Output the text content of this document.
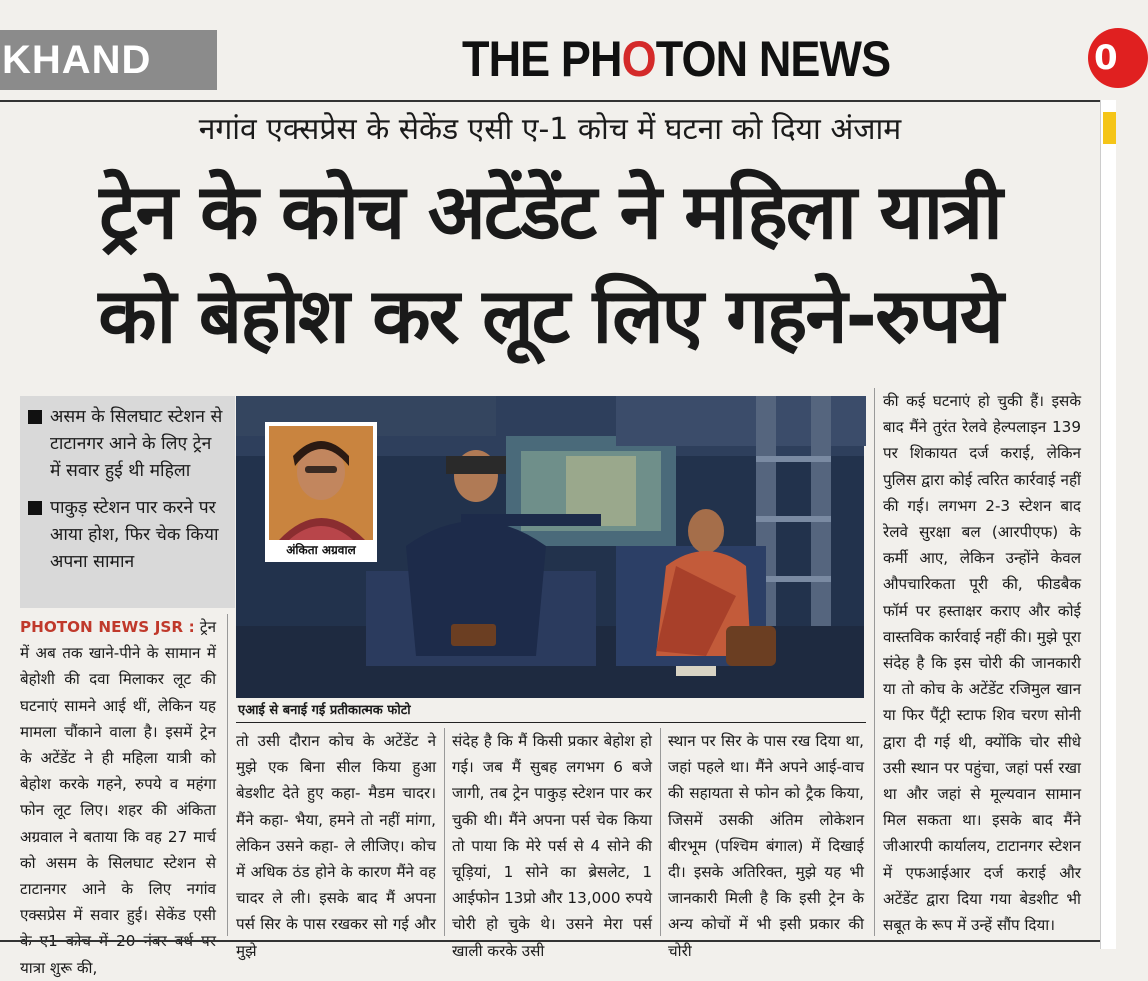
KHAND	THE PHOTON NEWS	0
नगांव एक्सप्रेस के सेकेंड एसी ए-1 कोच में घटना को दिया अंजाम
ट्रेन के कोच अटेंडेंट ने महिला यात्री
को बेहोश कर लूट लिए गहने-रुपये
असम के सिलघाट स्टेशन से टाटानगर आने के लिए ट्रेन में सवार हुई थी महिला
पाकुड़ स्टेशन पार करने पर आया होश, फिर चेक किया अपना सामान
अंकिता अग्रवाल
एआई से बनाई गई प्रतीकात्मक फोटो

PHOTON NEWS JSR : ट्रेन में अब तक खाने-पीने के सामान में बेहोशी की दवा मिलाकर लूट की घटनाएं सामने आई थीं, लेकिन यह मामला चौंकाने वाला है। इसमें ट्रेन के अटेंडेंट ने ही महिला यात्री को बेहोश करके गहने, रुपये व महंगा फोन लूट लिए। शहर की अंकिता अग्रवाल ने बताया कि वह 27 मार्च को असम के सिलघाट स्टेशन से टाटानगर आने के लिए नगांव एक्सप्रेस में सवार हुई। सेकेंड एसी यात्रा शुरू की,

तो उसी दौरान कोच के अटेंडेंट ने मुझे एक बिना सील किया हुआ बेडशीट देते हुए कहा- मैडम चादर। मैंने कहा- भैया, हमने तो नहीं मांगा, लेकिन उसने कहा- ले लीजिए। कोच में अधिक ठंड होने के कारण मैंने वह चादर ले ली। इसके बाद मैं अपना पर्स सिर के पास रखकर सो गई और मुझे

संदेह है कि मैं किसी प्रकार बेहोश हो गई। जब मैं सुबह लगभग 6 बजे जागी, तब ट्रेन पाकुड़ स्टेशन पार कर चुकी थी। मैंने अपना पर्स चेक किया तो पाया कि मेरे पर्स से 4 सोने की चूड़ियां, 1 सोने का ब्रेसलेट, 1 आईफोन 13प्रो और 13,000 रुपये चोरी हो चुके थे। उसने मेरा पर्स खाली करके उसी

स्थान पर सिर के पास रख दिया था, जहां पहले था। मैंने अपने आई-वाच की सहायता से फोन को ट्रैक किया, जिसमें उसकी अंतिम लोकेशन बीरभूम (पश्चिम बंगाल) में दिखाई दी। इसके अतिरिक्त, मुझे यह भी जानकारी मिली है कि इसी ट्रेन के अन्य कोचों में भी इसी प्रकार की चोरी

की कई घटनाएं हो चुकी हैं। इसके बाद मैंने तुरंत रेलवे हेल्पलाइन 139 पर शिकायत दर्ज कराई, लेकिन पुलिस द्वारा कोई त्वरित कार्रवाई नहीं की गई। लगभग 2-3 स्टेशन बाद रेलवे सुरक्षा बल (आरपीएफ) के कर्मी आए, लेकिन उन्होंने केवल औपचारिकता पूरी की, फीडबैक फॉर्म पर हस्ताक्षर कराए और कोई वास्तविक कार्रवाई नहीं की। मुझे पूरा संदेह है कि इस चोरी की जानकारी या तो कोच के अटेंडेंट रजिमुल खान या फिर पैंट्री स्टाफ शिव चरण सोनी द्वारा दी गई थी, क्योंकि चोर सीधे उसी स्थान पर पहुंचा, जहां पर्स रखा था और जहां से मूल्यवान सामान मिल सकता था। इसके बाद मैंने जीआरपी कार्यालय, टाटानगर स्टेशन में एफआईआर दर्ज कराई और अटेंडेंट द्वारा दिया गया बेडशीट भी सबूत के रूप में उन्हें सौंप दिया।
